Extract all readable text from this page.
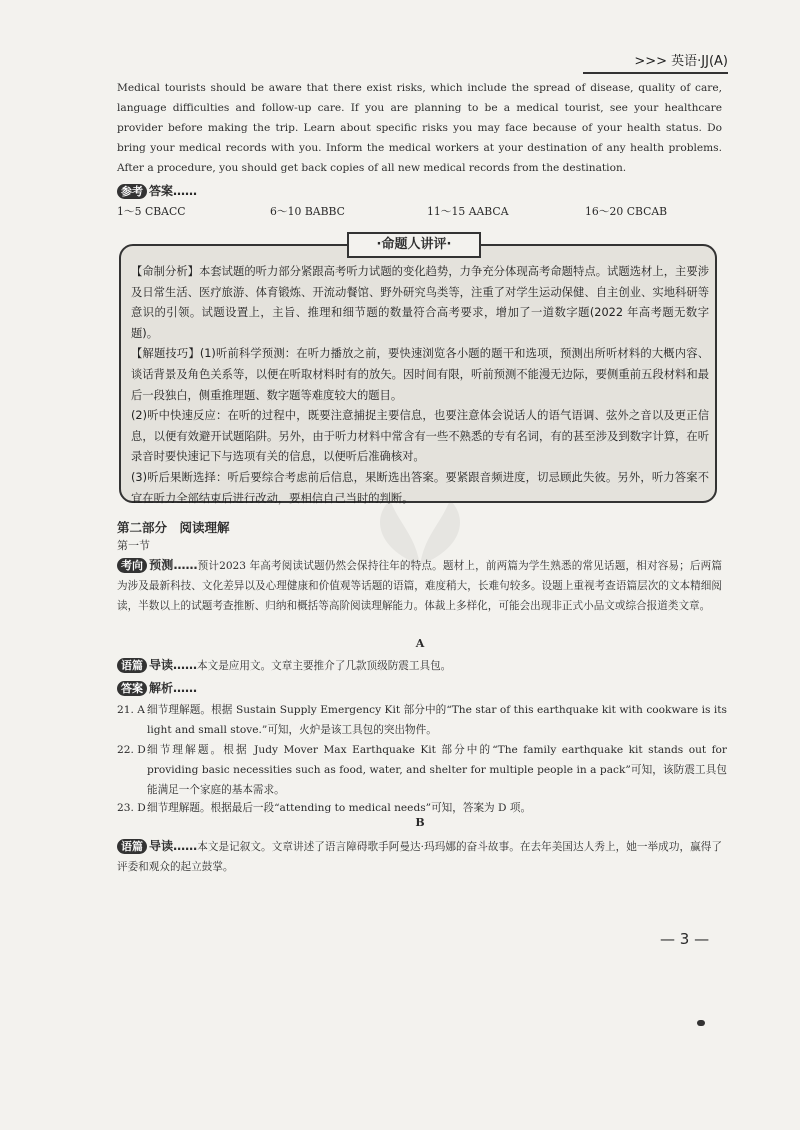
>>> 英语·JJ(A)
Medical tourists should be aware that there exist risks, which include the spread of disease, quality of care, language difficulties and follow-up care. If you are planning to be a medical tourist, see your healthcare provider before making the trip. Learn about specific risks you may face because of your health status. Do bring your medical records with you. Inform the medical workers at your destination of any health problems. After a procedure, you should get back copies of all new medical records from the destination.
参考 答案……
1～5 CBACC	6～10 BABBC	11～15 AABCA	16～20 CBCAB
·命题人讲评·
【命制分析】本套试题的听力部分紧跟高考听力试题的变化趋势，力争充分体现高考命题特点。试题选材上，主要涉及日常生活、医疗旅游、体育锻炼、开流动餐馆、野外研究鸟类等，注重了对学生运动保健、自主创业、实地科研等意识的引领。试题设置上，主旨、推理和细节题的数量符合高考要求，增加了一道数字题(2022 年高考题无数字题)。
【解题技巧】(1)听前科学预测：在听力播放之前，要快速浏览各小题的题干和选项，预测出所听材料的大概内容、谈话背景及角色关系等，以便在听取材料时有的放矢。因时间有限，听前预测不能漫无边际，要侧重前五段材料和最后一段独白，侧重推理题、数字题等难度较大的题目。
(2)听中快速反应：在听的过程中，既要注意捕捉主要信息，也要注意体会说话人的语气语调、弦外之音以及更正信息，以便有效避开试题陷阱。另外，由于听力材料中常含有一些不熟悉的专有名词，有的甚至涉及到数字计算，在听录音时要快速记下与选项有关的信息，以便听后准确核对。
(3)听后果断选择：听后要综合考虑前后信息，果断选出答案。要紧跟音频进度，切忌顾此失彼。另外，听力答案不宜在听力全部结束后进行改动，要相信自己当时的判断。
第二部分　阅读理解
第一节
考向 预测……预计2023 年高考阅读试题仍然会保持往年的特点。题材上，前两篇为学生熟悉的常见话题，相对容易；后两篇为涉及最新科技、文化差异以及心理健康和价值观等话题的语篇，难度稍大，长难句较多。设题上重视考查语篇层次的文本精细阅读，半数以上的试题考查推断、归纳和概括等高阶阅读理解能力。体裁上多样化，可能会出现非正式小品文或综合报道类文章。
A
语篇 导读……本文是应用文。文章主要推介了几款顶级防震工具包。
答案 解析……
21. A 细节理解题。根据 Sustain Supply Emergency Kit 部分中的“The star of this earthquake kit with cookware is its light and small stove.”可知，火炉是该工具包的突出物件。
22. D 细节理解题。根据 Judy Mover Max Earthquake Kit 部分中的“The family earthquake kit stands out for providing basic necessities such as food, water, and shelter for multiple people in a pack”可知，该防震工具包能满足一个家庭的基本需求。
23. D 细节理解题。根据最后一段“attending to medical needs”可知，答案为 D 项。
B
语篇 导读……本文是记叙文。文章讲述了语言障碍歌手阿曼达·玛玛娜的奋斗故事。在去年美国达人秀上，她一举成功，赢得了评委和观众的起立鼓掌。
— 3 —
